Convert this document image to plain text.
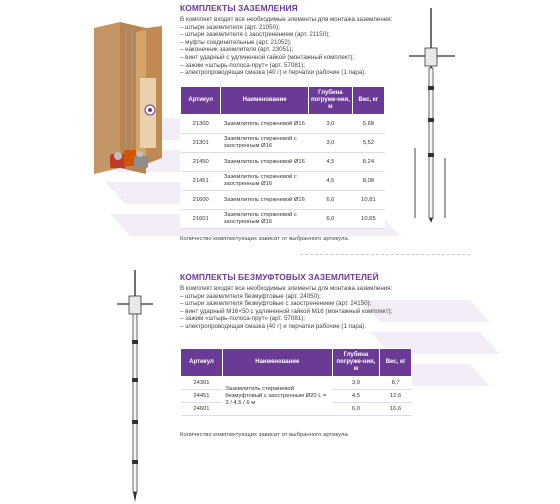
КОМПЛЕКТЫ ЗАЗЕМЛЕНИЯ
В комплект входят все необходимые элементы для монтажа заземления:
– штыри заземлителя (арт. 21050);
– штыри заземлителя с заостренением (арт. 21150);
– муфты соединительные (арт. 21052);
– наконечник заземлителя (арт. 23051);
– винт ударный с удлиненной гайкой (монтажный комплект);
– зажим «штырь-полоса-прут» (арт. 57081);
– электропроводящая смазка (40 г) и перчатки рабочие (1 пара).
Артикул	Наименование	Глубина погруже-ния, м	Вес, кг
21300	Заземлитель стержневой Ø16	3,0	5,68
21301	Заземлитель стержневой с заостренным Ø16	3,0	5,52
21450	Заземлитель стержневой Ø16	4,5	8,24
21451	Заземлитель стержневой с заостренным Ø16	4,5	8,08
21600	Заземлитель стержневой Ø16	6,0	10,81
21601	Заземлитель стержневой с заостренным Ø16	6,0	10,65
Количество комплектующих зависит от выбранного артикула.
КОМПЛЕКТЫ БЕЗМУФТОВЫХ ЗАЗЕМЛИТЕЛЕЙ
В комплект входят все необходимые элементы для монтажа заземления:
– штыри заземлителя безмуфтовые (арт. 24050);
– штыри заземлителя безмуфтовые с заостренением (арт. 24150);
– винт ударный М16×50 с удлиненной гайкой М16 (монтажный комплект);
– зажим «штырь-полоса-прут» (арт. 57081);
– электропроводящая смазка (40 г) и перчатки рабочие (1 пара).
Артикул	Наименование	Глубина погруже-ния, м	Вес, кг
24301	Заземлитель стержневой безмуфтовый с заостренным Ø20 L = 3 / 4,5 / 6 м	3,0	8,7
24451		4,5	12,6
24601		6,0	16,6
Количество комплектующих зависит от выбранного артикула.
